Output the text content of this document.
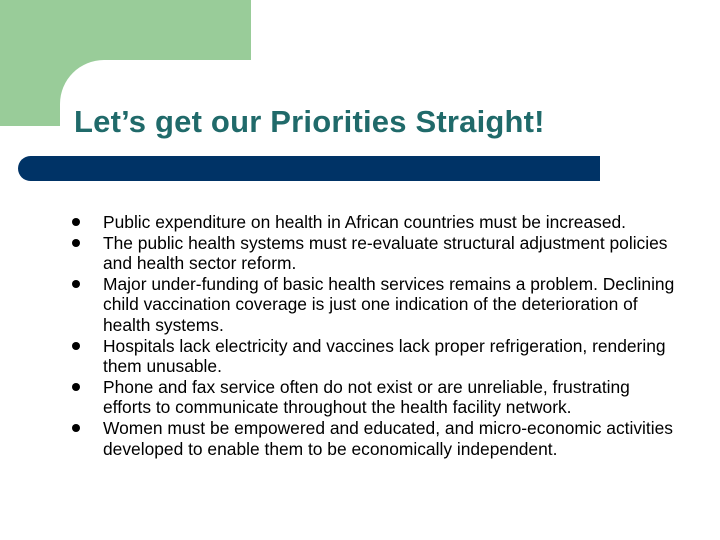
Let’s get our Priorities Straight!
Public expenditure on health in African countries must be increased.
The public health systems must re-evaluate structural adjustment policies and health sector reform.
Major under-funding of basic health services remains a problem. Declining child vaccination coverage is just one indication of the deterioration of health systems.
Hospitals lack electricity and vaccines lack proper refrigeration, rendering them unusable.
Phone and fax service often do not exist or are unreliable, frustrating efforts to communicate throughout the health facility network.
Women must be empowered and educated, and micro-economic activities developed to enable them to be economically independent.
